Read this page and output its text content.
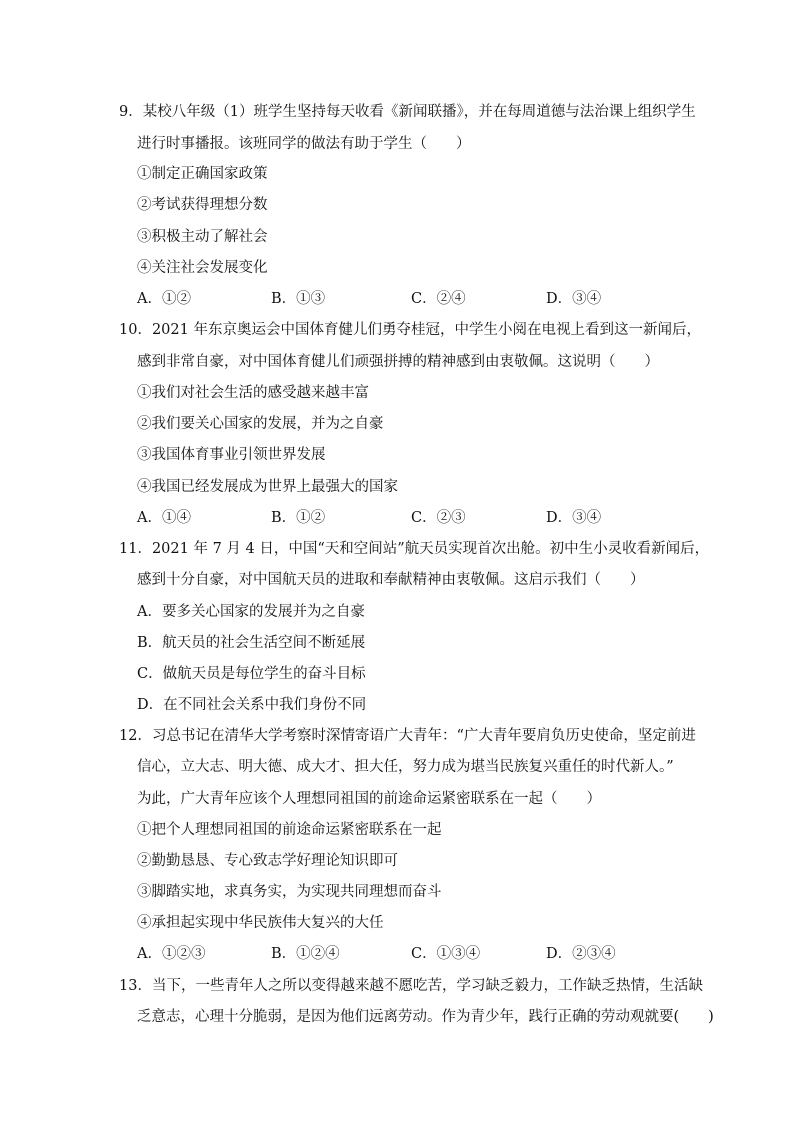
9．某校八年级（1）班学生坚持每天收看《新闻联播》，并在每周道德与法治课上组织学生
进行时事播报。该班同学的做法有助于学生（　　）
①制定正确国家政策
②考试获得理想分数
③积极主动了解社会
④关注社会发展变化
A．①②	B．①③	C．②④	D．③④
10．2021 年东京奥运会中国体育健儿们勇夺桂冠，中学生小阅在电视上看到这一新闻后，
感到非常自豪，对中国体育健儿们顽强拼搏的精神感到由衷敬佩。这说明（　　）
①我们对社会生活的感受越来越丰富
②我们要关心国家的发展，并为之自豪
③我国体育事业引领世界发展
④我国已经发展成为世界上最强大的国家
A．①④	B．①②	C．②③	D．③④
11．2021 年 7 月 4 日，中国“天和空间站”航天员实现首次出舱。初中生小灵收看新闻后，
感到十分自豪，对中国航天员的进取和奉献精神由衷敬佩。这启示我们（　　）
A．要多关心国家的发展并为之自豪
B．航天员的社会生活空间不断延展
C．做航天员是每位学生的奋斗目标
D．在不同社会关系中我们身份不同
12．习总书记在清华大学考察时深情寄语广大青年：“广大青年要肩负历史使命，坚定前进
信心，立大志、明大德、成大才、担大任，努力成为堪当民族复兴重任的时代新人。”
为此，广大青年应该个人理想同祖国的前途命运紧密联系在一起（　　）
①把个人理想同祖国的前途命运紧密联系在一起
②勤勤恳恳、专心致志学好理论知识即可
③脚踏实地，求真务实，为实现共同理想而奋斗
④承担起实现中华民族伟大复兴的大任
A．①②③	B．①②④	C．①③④	D．②③④
13．当下，一些青年人之所以变得越来越不愿吃苦，学习缺乏毅力，工作缺乏热情，生活缺
乏意志，心理十分脆弱，是因为他们远离劳动。作为青少年，践行正确的劳动观就要(　　)
